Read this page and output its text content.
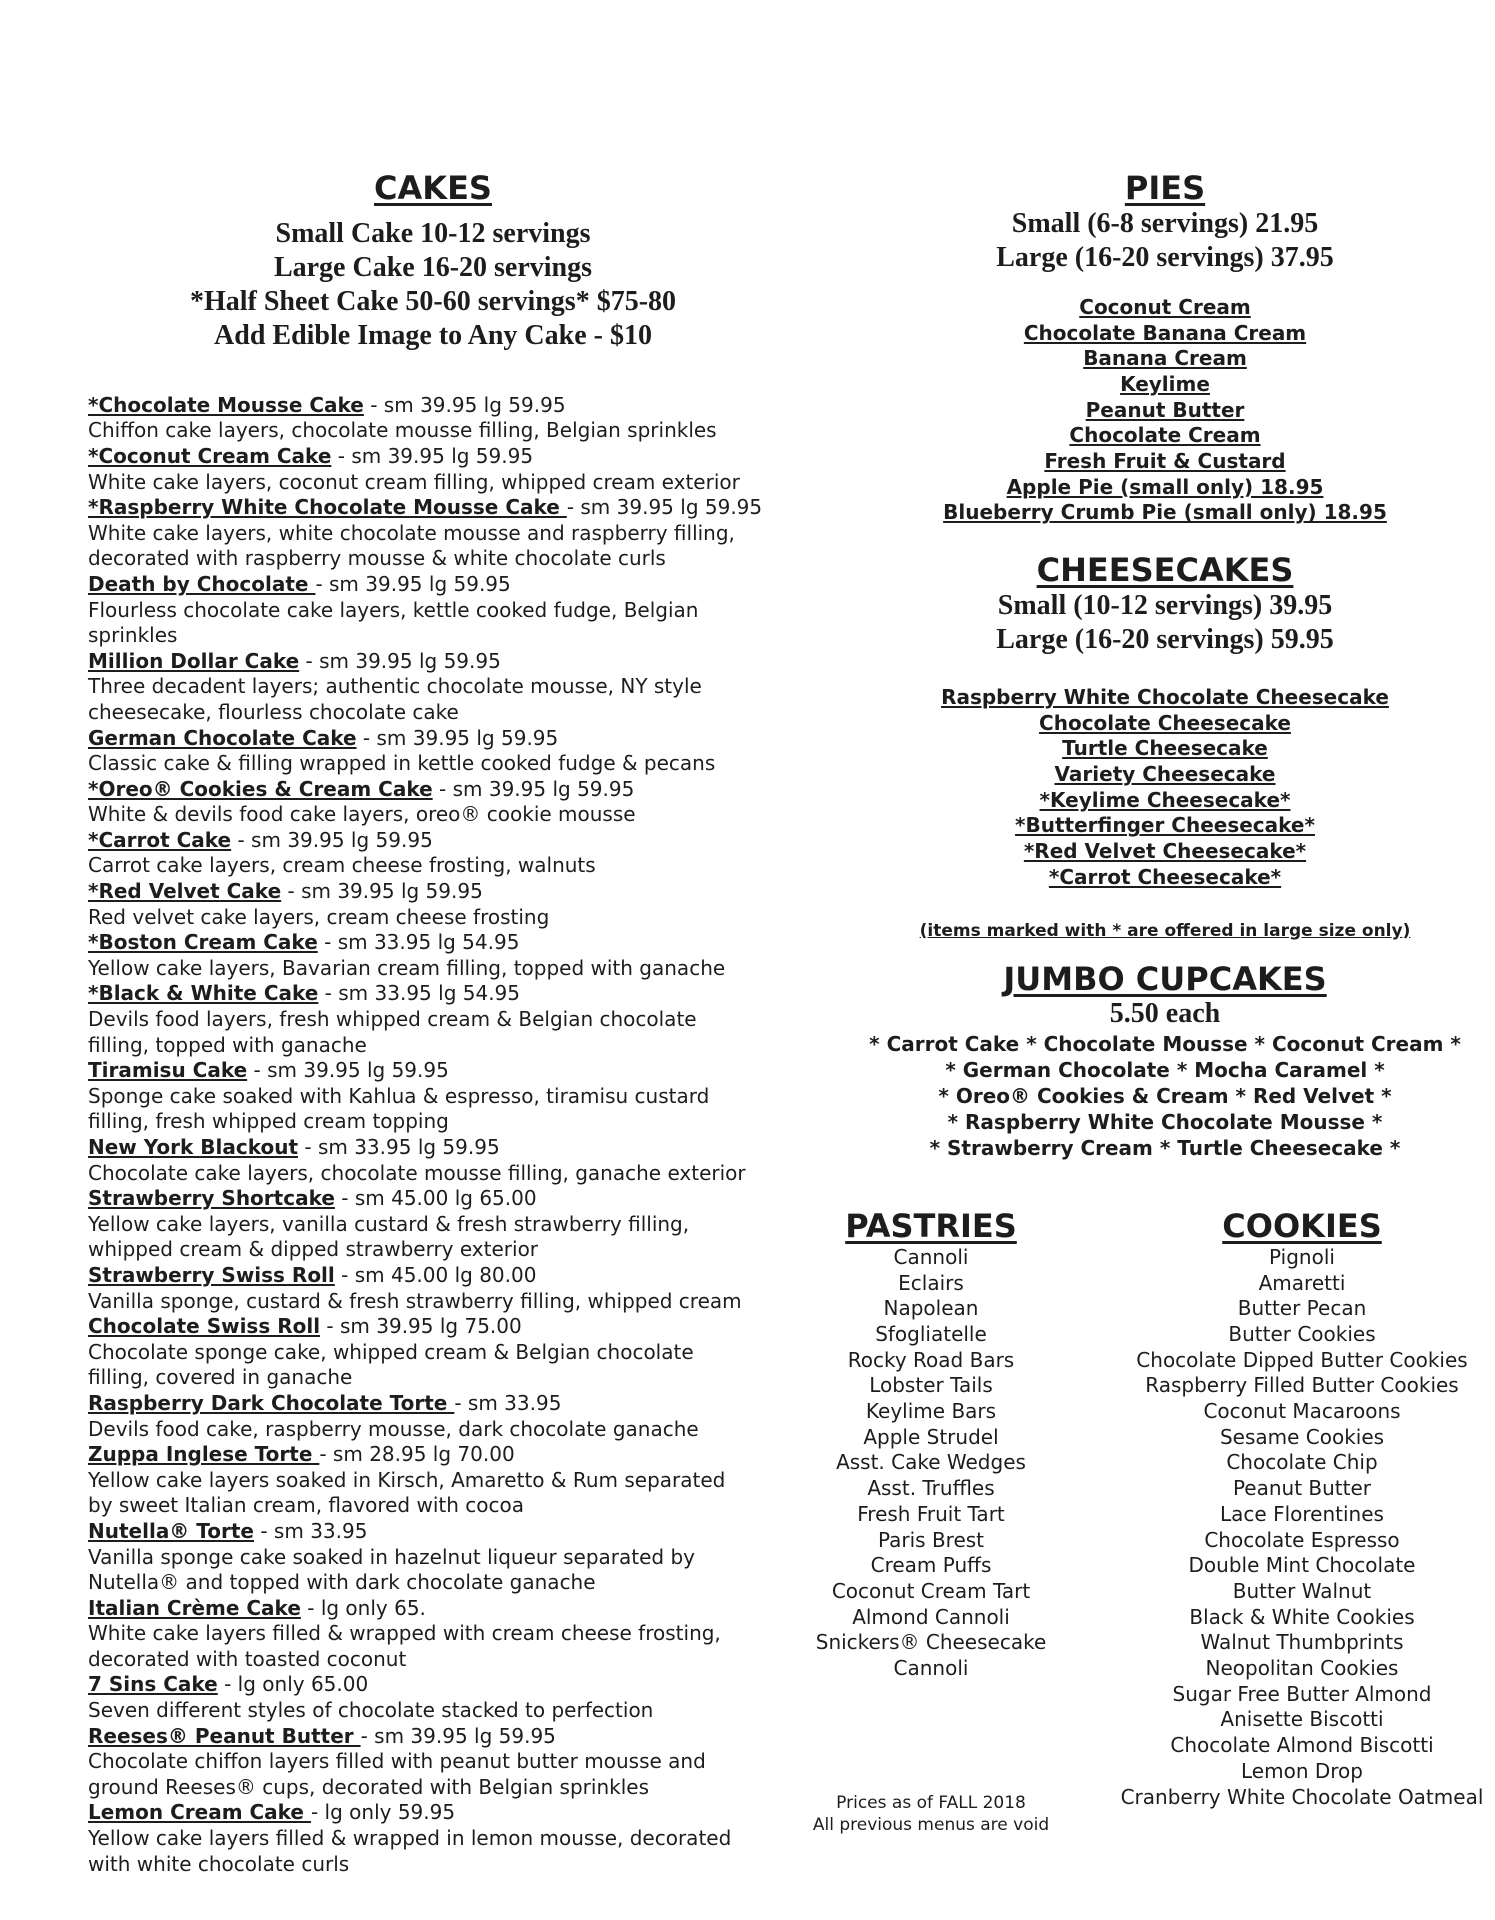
CAKES

Small Cake 10-12 servings

Large Cake 16-20 servings

*Half Sheet Cake 50-60 servings* $75-80

Add Edible Image to Any Cake - $10

*Chocolate Mousse Cake - sm 39.95 lg 59.95

Chiffon cake layers, chocolate mousse filling, Belgian sprinkles

*Coconut Cream Cake - sm 39.95 lg 59.95

White cake layers, coconut cream filling, whipped cream exterior

*Raspberry White Chocolate Mousse Cake - sm 39.95 lg 59.95

White cake layers, white chocolate mousse and raspberry filling,

decorated with raspberry mousse & white chocolate curls

Death by Chocolate - sm 39.95 lg 59.95

Flourless chocolate cake layers, kettle cooked fudge, Belgian

sprinkles

Million Dollar Cake - sm 39.95 lg 59.95

Three decadent layers; authentic chocolate mousse, NY style

cheesecake, flourless chocolate cake

German Chocolate Cake - sm 39.95 lg 59.95

Classic cake & filling wrapped in kettle cooked fudge & pecans

*Oreo® Cookies & Cream Cake - sm 39.95 lg 59.95

White & devils food cake layers, oreo® cookie mousse

*Carrot Cake - sm 39.95 lg 59.95

Carrot cake layers, cream cheese frosting, walnuts

*Red Velvet Cake - sm 39.95 lg 59.95

Red velvet cake layers, cream cheese frosting

*Boston Cream Cake - sm 33.95 lg 54.95

Yellow cake layers, Bavarian cream filling, topped with ganache

*Black & White Cake - sm 33.95 lg 54.95

Devils food layers, fresh whipped cream & Belgian chocolate

filling, topped with ganache

Tiramisu Cake - sm 39.95 lg 59.95

Sponge cake soaked with Kahlua & espresso, tiramisu custard

filling, fresh whipped cream topping

New York Blackout - sm 33.95 lg 59.95

Chocolate cake layers, chocolate mousse filling, ganache exterior

Strawberry Shortcake - sm 45.00 lg 65.00

Yellow cake layers, vanilla custard & fresh strawberry filling,

whipped cream & dipped strawberry exterior

Strawberry Swiss Roll - sm 45.00 lg 80.00

Vanilla sponge, custard & fresh strawberry filling, whipped cream

Chocolate Swiss Roll - sm 39.95 lg 75.00

Chocolate sponge cake, whipped cream & Belgian chocolate

filling, covered in ganache

Raspberry Dark Chocolate Torte - sm 33.95

Devils food cake, raspberry mousse, dark chocolate ganache

Zuppa Inglese Torte - sm 28.95 lg 70.00

Yellow cake layers soaked in Kirsch, Amaretto & Rum separated

by sweet Italian cream, flavored with cocoa

Nutella® Torte - sm 33.95

Vanilla sponge cake soaked in hazelnut liqueur separated by

Nutella® and topped with dark chocolate ganache

Italian Crème Cake - lg only 65.

White cake layers filled & wrapped with cream cheese frosting,

decorated with toasted coconut

7 Sins Cake - lg only 65.00

Seven different styles of chocolate stacked to perfection

Reeses® Peanut Butter - sm 39.95 lg 59.95

Chocolate chiffon layers filled with peanut butter mousse and

ground Reeses® cups, decorated with Belgian sprinkles

Lemon Cream Cake - lg only 59.95

Yellow cake layers filled & wrapped in lemon mousse, decorated

with white chocolate curls

PIES

Small (6-8 servings) 21.95

Large (16-20 servings) 37.95

Coconut Cream
Chocolate Banana Cream
Banana Cream
Keylime
Peanut Butter
Chocolate Cream
Fresh Fruit & Custard
Apple Pie (small only) 18.95
Blueberry Crumb Pie (small only) 18.95
CHEESECAKES

Small (10-12 servings) 39.95

Large (16-20 servings) 59.95

Raspberry White Chocolate Cheesecake
Chocolate Cheesecake
Turtle Cheesecake
Variety Cheesecake
*Keylime Cheesecake*
*Butterfinger Cheesecake*
*Red Velvet Cheesecake*
*Carrot Cheesecake*

(items marked with * are offered in large size only)

JUMBO CUPCAKES

5.50 each

* Carrot Cake * Chocolate Mousse * Coconut Cream *

* German Chocolate * Mocha Caramel *

* Oreo® Cookies & Cream * Red Velvet *

* Raspberry White Chocolate Mousse *

* Strawberry Cream * Turtle Cheesecake *

PASTRIES
Cannoli
Eclairs
Napolean
Sfogliatelle
Rocky Road Bars
Lobster Tails
Keylime Bars
Apple Strudel
Asst. Cake Wedges
Asst. Truffles
Fresh Fruit Tart
Paris Brest
Cream Puffs
Coconut Cream Tart
Almond Cannoli
Snickers® Cheesecake Cannoli

Prices as of FALL 2018

All previous menus are void

COOKIES
Pignoli
Amaretti
Butter Pecan
Butter Cookies
Chocolate Dipped Butter Cookies
Raspberry Filled Butter Cookies
Coconut Macaroons
Sesame Cookies
Chocolate Chip
Peanut Butter
Lace Florentines
Chocolate Espresso
Double Mint Chocolate
Butter Walnut
Black & White Cookies
Walnut Thumbprints
Neopolitan Cookies
Sugar Free Butter Almond
Anisette Biscotti
Chocolate Almond Biscotti
Lemon Drop
Cranberry White Chocolate Oatmeal
